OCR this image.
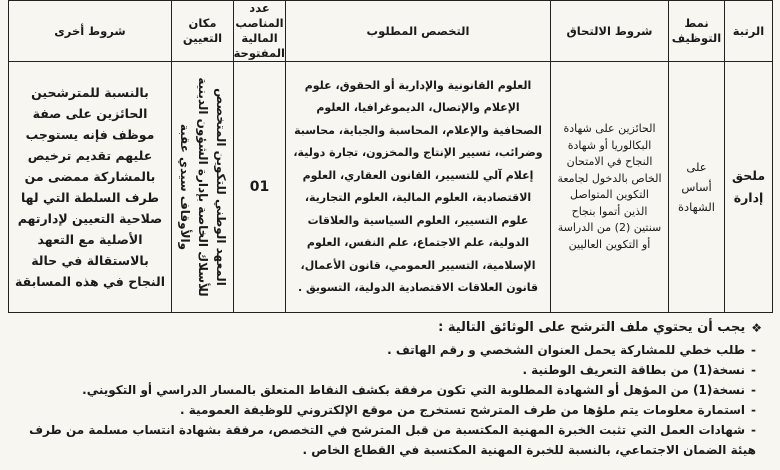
الرتبة	نمط التوظيف	شروط الالتحاق	التخصص المطلوب	عدد المناصب المالية المفتوحة	مكان التعيين	شروط أخرى

ملحق إدارة	على أساس الشهادة	الحائزين على شهادة البكالوريا أو شهادة النجاح في الامتحان الخاص بالدخول لجامعة التكوين المتواصل الذين أتموا بنجاح سنتين (2) من الدراسة أو التكوين العاليين	العلوم القانونية والإدارية أو الحقوق، علوم الإعلام والإتصال، الديموغرافيا، العلوم الصحافية والإعلام، المحاسبة والجباية، محاسبة وضرائب، تسيير الإنتاج والمخزون، تجارة دولية، إعلام آلي للتسيير، القانون العقاري، العلوم الاقتصادية، العلوم المالية، العلوم التجارية، علوم التسيير، العلوم السياسية والعلاقات الدولية، علم الاجتماع، علم النفس، العلوم الإسلامية، التسيير العمومي، قانون الأعمال، قانون العلاقات الاقتصادية الدولية، التسويق .	01	المعهد الوطني للتكوين المتخصص للأسلاك الخاصة بإدارة الشؤون الدينية والأوقاف سيدي عقبة	بالنسبة للمترشحين الحائزين على صفة موظف فإنه يستوجب عليهم تقديم ترخيص بالمشاركة ممضى من طرف السلطة التي لها صلاحية التعيين لإدارتهم الأصلية مع التعهد بالاستقالة في حالة النجاح في هذه المسابقة
❖
يجب أن يحتوي ملف الترشح على الوثائق التالية :
-طلب خطي للمشاركة يحمل العنوان الشخصي و رقم الهاتف .
-نسخة(1) من بطاقة التعريف الوطنية .
-نسخة(1) من المؤهل أو الشهادة المطلوبة التي تكون مرفقة بكشف النقاط المتعلق بالمسار الدراسي أو التكويني.
-استمارة معلومات يتم ملؤها من طرف المترشح تستخرج من موقع الإلكتروني للوظيفة العمومية .
-شهادات العمل التي تثبت الخبرة المهنية المكتسبة من قبل المترشح في التخصص، مرفقة بشهادة انتساب مسلمة من طرف
هيئة الضمان الاجتماعي، بالنسبة للخبرة المهنية المكتسبة في القطاع الخاص .
